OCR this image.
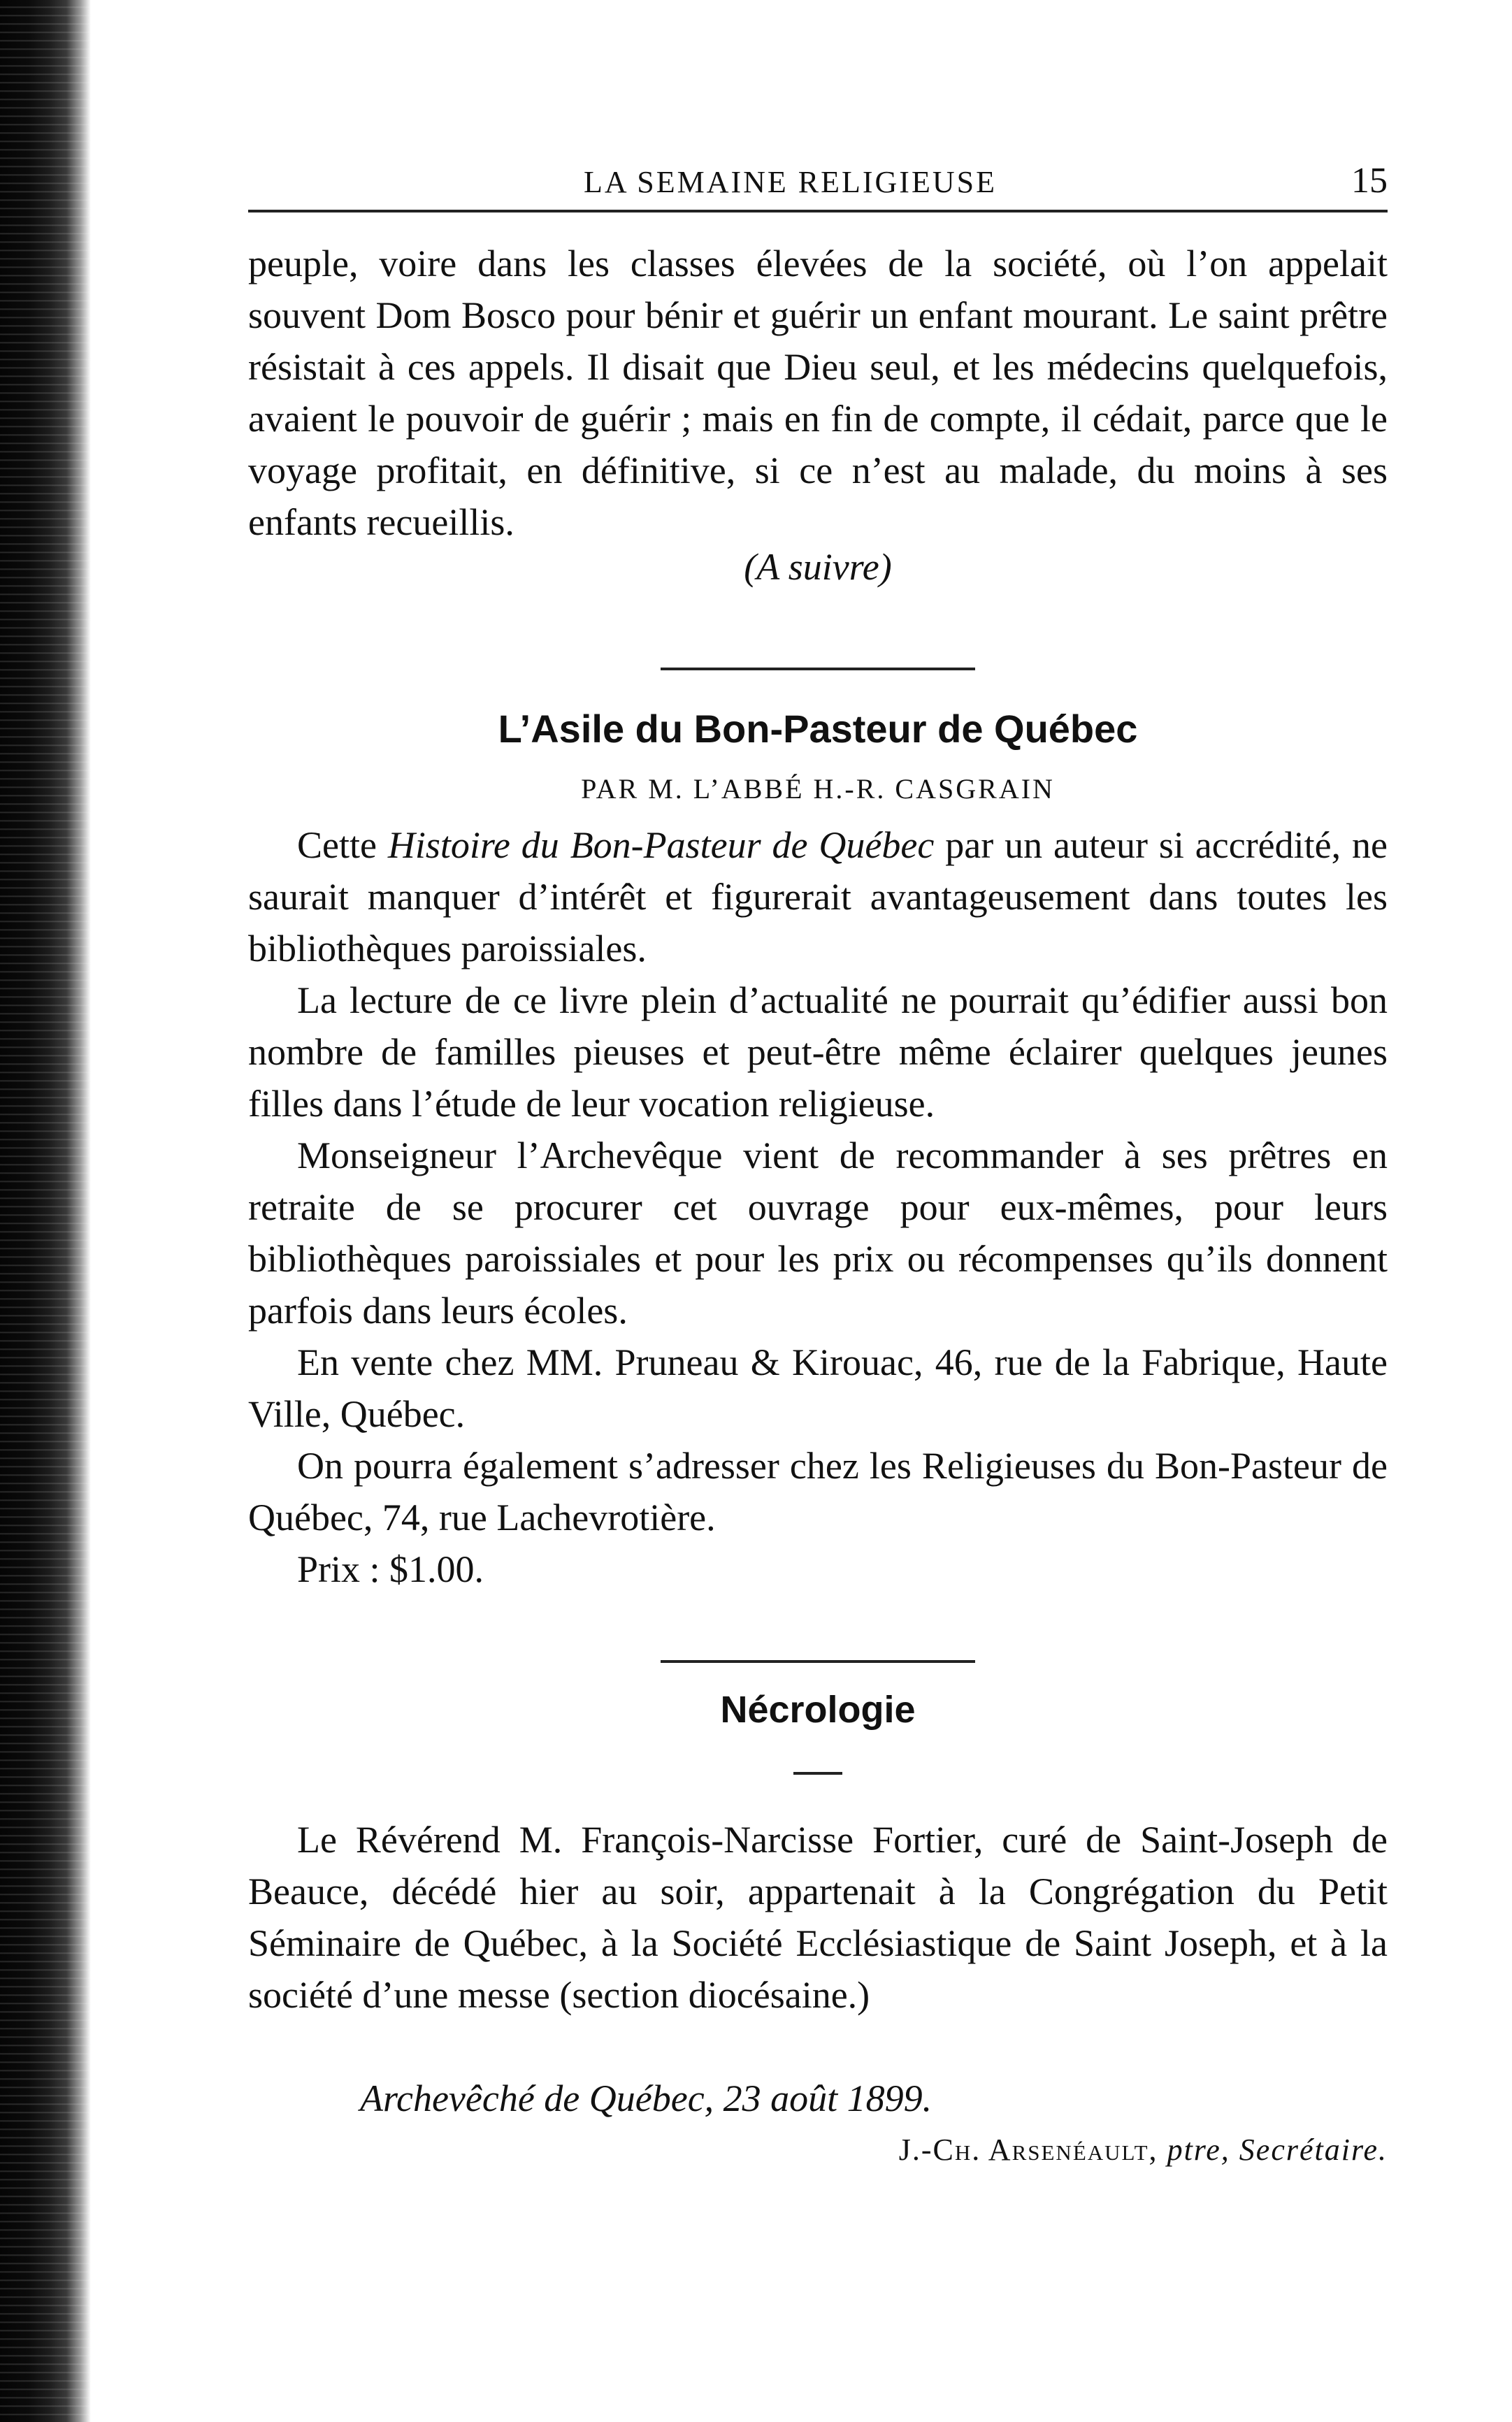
LA SEMAINE RELIGIEUSE	15

peuple, voire dans les classes élevées de la société, où l’on appelait souvent Dom Bosco pour bénir et guérir un enfant mourant. Le saint prêtre résistait à ces appels. Il disait que Dieu seul, et les médecins quelquefois, avaient le pouvoir de guérir ; mais en fin de compte, il cédait, parce que le voyage profitait, en définitive, si ce n’est au malade, du moins à ses enfants recueillis.

(A suivre)

L’Asile du Bon-Pasteur de Québec

PAR M. L’ABBÉ H.-R. CASGRAIN

Cette Histoire du Bon-Pasteur de Québec par un auteur si accrédité, ne saurait manquer d’intérêt et figurerait avantageusement dans toutes les bibliothèques paroissiales.

La lecture de ce livre plein d’actualité ne pourrait qu’édifier aussi bon nombre de familles pieuses et peut-être même éclairer quelques jeunes filles dans l’étude de leur vocation religieuse.

Monseigneur l’Archevêque vient de recommander à ses prêtres en retraite de se procurer cet ouvrage pour eux-mêmes, pour leurs bibliothèques paroissiales et pour les prix ou récompenses qu’ils donnent parfois dans leurs écoles.

En vente chez MM. Pruneau & Kirouac, 46, rue de la Fabrique, Haute Ville, Québec.

On pourra également s’adresser chez les Religieuses du Bon-Pasteur de Québec, 74, rue Lachevrotière.

Prix : $1.00.

Nécrologie

Le Révérend M. François-Narcisse Fortier, curé de Saint-Joseph de Beauce, décédé hier au soir, appartenait à la Congrégation du Petit Séminaire de Québec, à la Société Ecclésiastique de Saint Joseph, et à la société d’une messe (section diocésaine.)

Archevêché de Québec, 23 août 1899.

J.-Ch. Arsenéault, ptre, Secrétaire.
